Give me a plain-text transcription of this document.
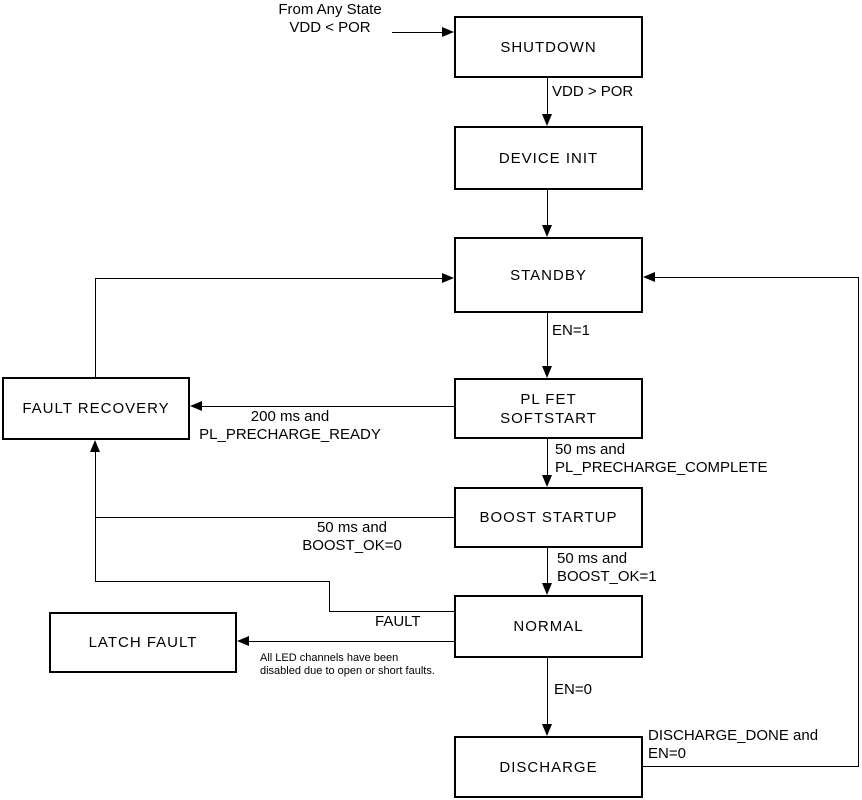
SHUTDOWN
DEVICE INIT
STANDBY
PL FET
SOFTSTART
BOOST STARTUP
NORMAL
DISCHARGE
FAULT RECOVERY
LATCH FAULT
From Any State
VDD < POR
VDD > POR
EN=1
200 ms and
PL_PRECHARGE_READY
50 ms and
PL_PRECHARGE_COMPLETE
50 ms and
BOOST_OK=0
50 ms and
BOOST_OK=1
FAULT
All LED channels have been
disabled due to open or short faults.
EN=0
DISCHARGE_DONE and
EN=0
